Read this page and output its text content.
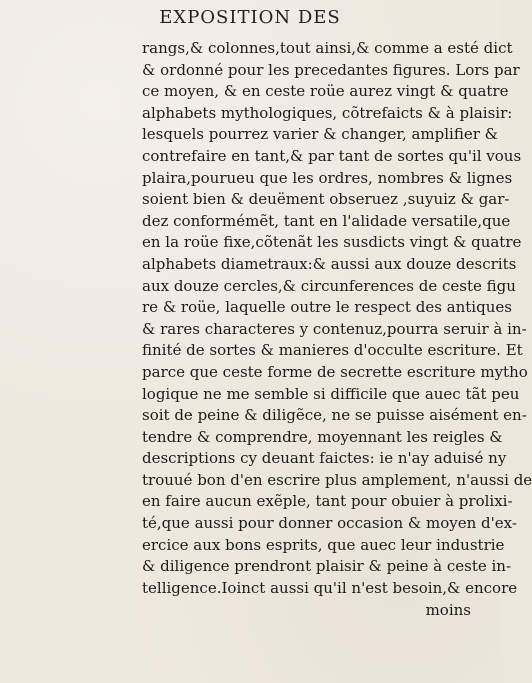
EXPOSITION DES
rangs,& colonnes,tout ainsi,& comme a esté dict
& ordonné pour les precedantes figures. Lors par
ce moyen, & en ceste roüe aurez vingt & quatre
alphabets mythologiques, cõtrefaicts & à plaisir:
lesquels pourrez varier & changer, amplifier &
contrefaire en tant,& par tant de sortes qu'il vous
plaira,pourueu que les ordres, nombres & lignes
soient bien & deuëment obseruez ,suyuiz & gar-
dez conformémẽt, tant en l'alidade versatile,que
en la roüe fixe,cõtenãt les susdicts vingt & quatre
alphabets diametraux:& aussi aux douze descrits
aux douze cercles,& circunferences de ceste figu
re & roüe, laquelle outre le respect des antiques
& rares characteres y contenuz,pourra seruir à in-
finité de sortes & manieres d'occulte escriture. Et
parce que ceste forme de secrette escriture mytho
logique ne me semble si difficile que auec tãt peu
soit de peine & diligẽce, ne se puisse aisément en-
tendre & comprendre, moyennant les reigles &
descriptions cy deuant faictes: ie n'ay aduisé ny
trouué bon d'en escrire plus amplement, n'aussi de
en faire aucun exẽple, tant pour obuier à prolixi-
té,que aussi pour donner occasion & moyen d'ex-
ercice aux bons esprits, que auec leur industrie
& diligence prendront plaisir & peine à ceste in-
telligence.Ioinct aussi qu'il n'est besoin,& encore
moins
